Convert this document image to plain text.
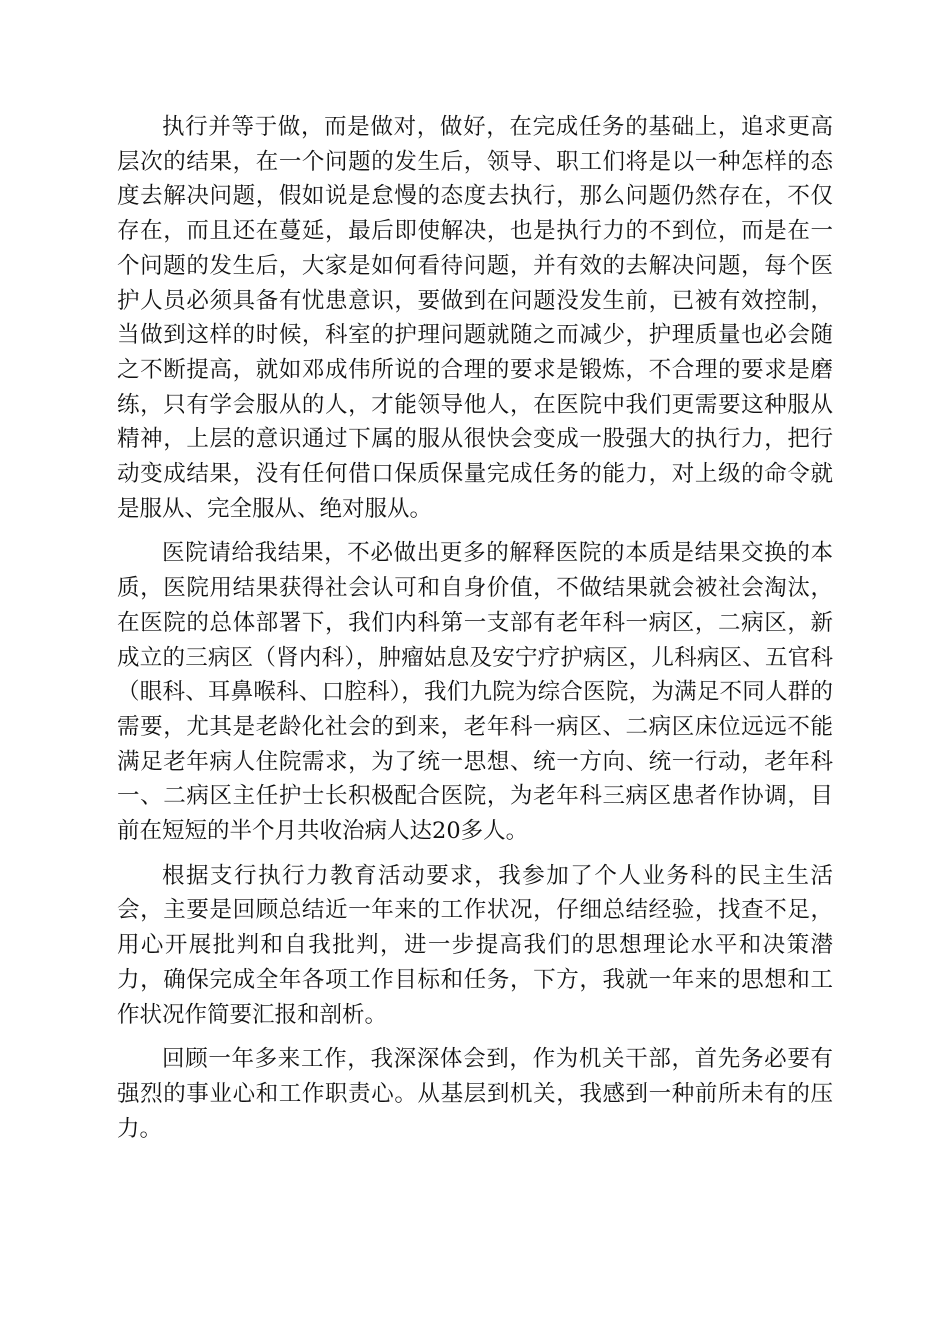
执行并等于做，而是做对，做好，在完成任务的基础上，追求更高层次的结果，在一个问题的发生后，领导、职工们将是以一种怎样的态度去解决问题，假如说是怠慢的态度去执行，那么问题仍然存在，不仅存在，而且还在蔓延，最后即使解决，也是执行力的不到位，而是在一个问题的发生后，大家是如何看待问题，并有效的去解决问题，每个医护人员必须具备有忧患意识，要做到在问题没发生前，已被有效控制，当做到这样的时候，科室的护理问题就随之而减少，护理质量也必会随之不断提高，就如邓成伟所说的合理的要求是锻炼，不合理的要求是磨练，只有学会服从的人，才能领导他人，在医院中我们更需要这种服从精神，上层的意识通过下属的服从很快会变成一股强大的执行力，把行动变成结果，没有任何借口保质保量完成任务的能力，对上级的命令就是服从、完全服从、绝对服从。

医院请给我结果，不必做出更多的解释医院的本质是结果交换的本质，医院用结果获得社会认可和自身价值，不做结果就会被社会淘汰，在医院的总体部署下，我们内科第一支部有老年科一病区，二病区，新成立的三病区（肾内科），肿瘤姑息及安宁疗护病区，儿科病区、五官科（眼科、耳鼻喉科、口腔科），我们九院为综合医院，为满足不同人群的需要，尤其是老龄化社会的到来，老年科一病区、二病区床位远远不能满足老年病人住院需求，为了统一思想、统一方向、统一行动，老年科一、二病区主任护士长积极配合医院，为老年科三病区患者作协调，目前在短短的半个月共收治病人达20多人。

根据支行执行力教育活动要求，我参加了个人业务科的民主生活会，主要是回顾总结近一年来的工作状况，仔细总结经验，找查不足，用心开展批判和自我批判，进一步提高我们的思想理论水平和决策潜力，确保完成全年各项工作目标和任务，下方，我就一年来的思想和工作状况作简要汇报和剖析。

回顾一年多来工作，我深深体会到，作为机关干部，首先务必要有强烈的事业心和工作职责心。从基层到机关，我感到一种前所未有的压力。
